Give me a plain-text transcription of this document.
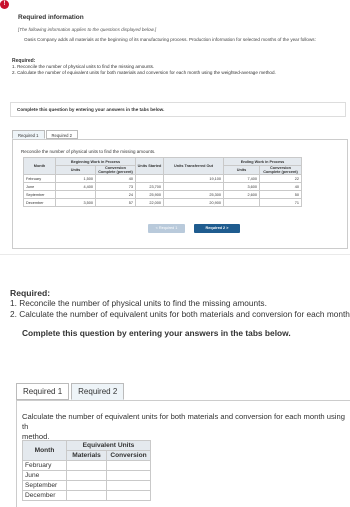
!
Required information
[The following information applies to the questions displayed below.]
Oasis Company adds all materials at the beginning of its manufacturing process. Production information for selected months of the year follows:
Required:
1. Reconcile the number of physical units to find the missing amounts.
2. Calculate the number of equivalent units for both materials and conversion for each month using the weighted-average method.
Complete this question by entering your answers in the tabs below.
Required 1	Required 2
Reconcile the number of physical units to find the missing amounts.
Month	Beginning Work in Process		Units Started	Units Transferred Out	Ending Work in Process	
	Units	Conversion Complete (percent)			Units	Conversion Complete (percent)
February	1,500	40		19,100	7,400	22
June	4,400	73	23,700		3,600	40
September		24	25,900	25,300	2,600	50
December	3,500	57	22,000	20,900		71
< Required 1	Required 2 >
Required:
1. Reconcile the number of physical units to find the missing amounts.
2. Calculate the number of equivalent units for both materials and conversion for each month
Complete this question by entering your answers in the tabs below.
Required 1	Required 2
Calculate the number of equivalent units for both materials and conversion for each month using th
method.
Month	Equivalent Units	
	Materials	Conversion
February		
June		
September		
December		
